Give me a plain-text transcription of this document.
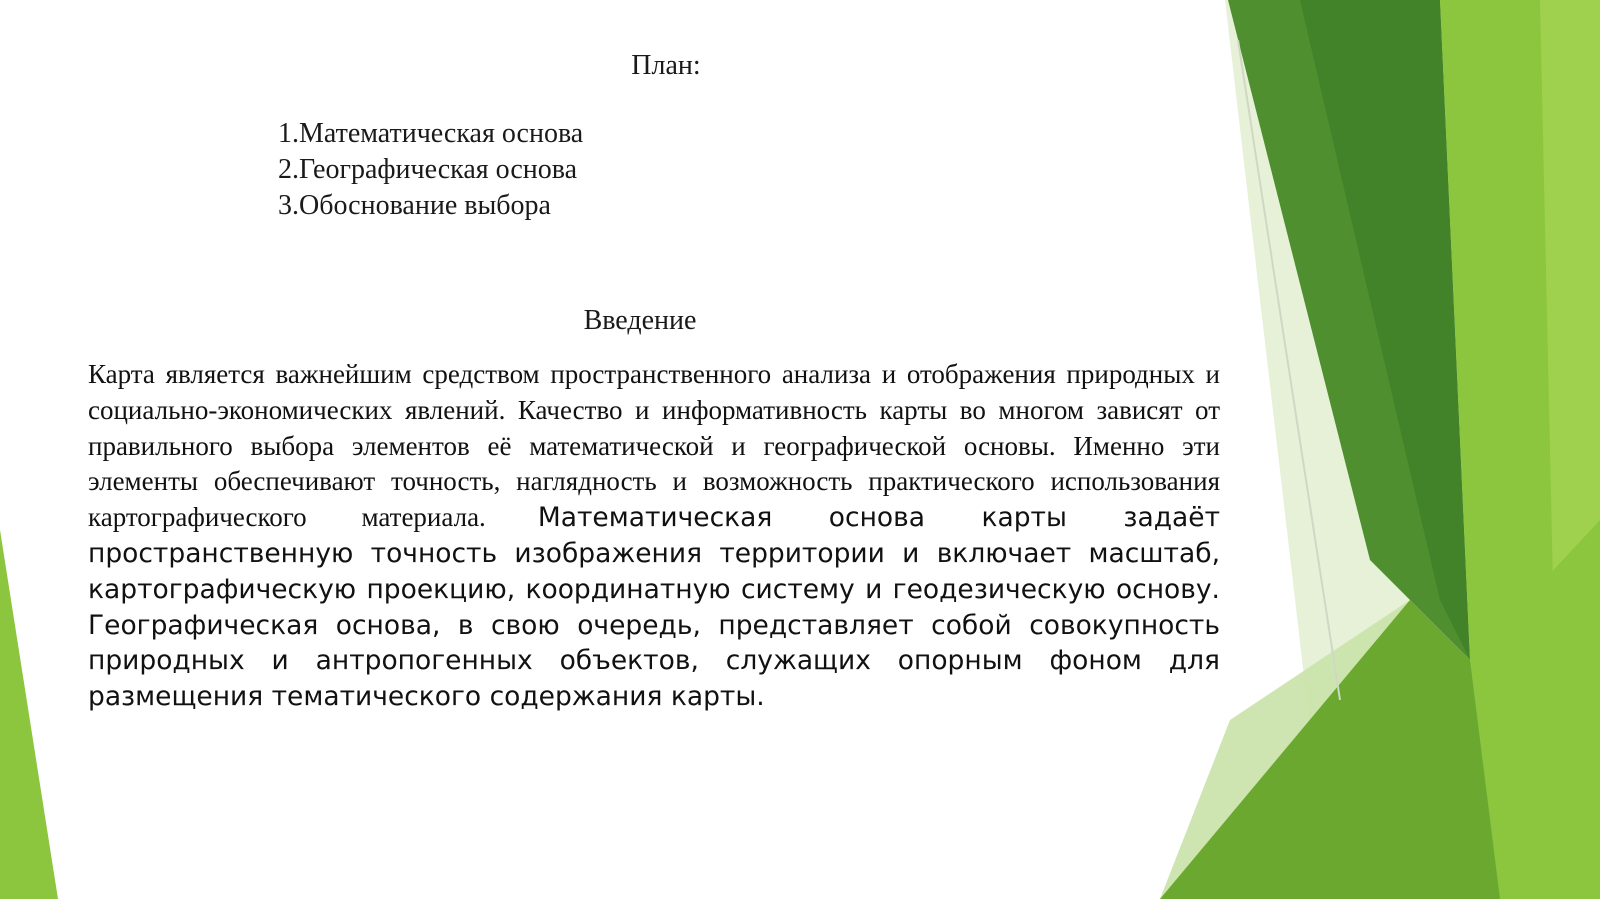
План:
1.Математическая основа
2.Географическая основа
3.Обоснование выбора
Введение

Карта является важнейшим средством пространственного анализа и отображения природных и социально-экономических явлений. Качество и информативность карты во многом зависят от правильного выбора элементов её математической и географической основы. Именно эти элементы обеспечивают точность, наглядность и возможность практического использования картографического материала. Математическая основа карты задаёт пространственную точность изображения территории и включает масштаб, картографическую проекцию, координатную систему и геодезическую основу. Географическая основа, в свою очередь, представляет собой совокупность природных и антропогенных объектов, служащих опорным фоном для размещения тематического содержания карты.
